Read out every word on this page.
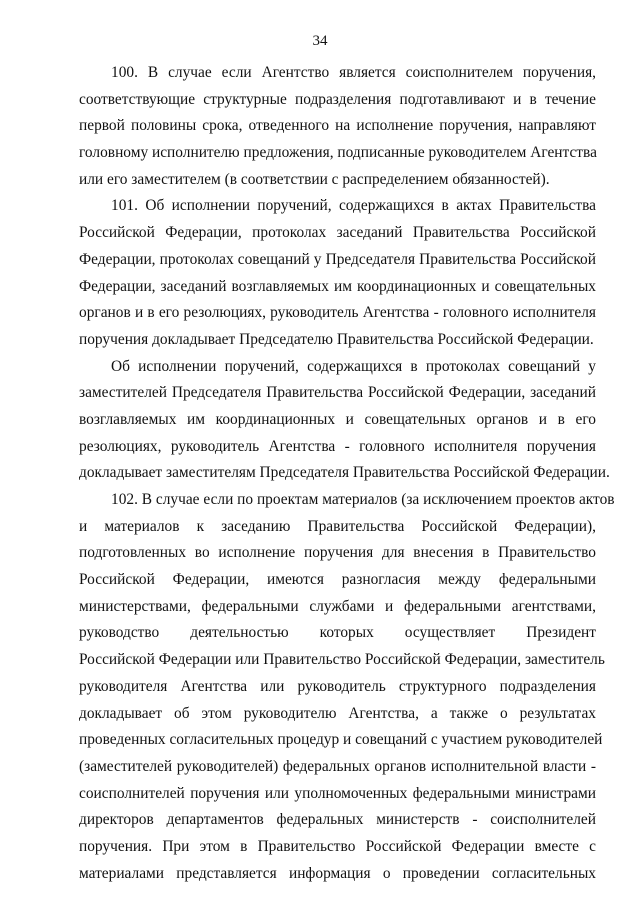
34
100. В случае если Агентство является соисполнителем поручения,
соответствующие структурные подразделения подготавливают и в течение
первой половины срока, отведенного на исполнение поручения, направляют
головному исполнителю предложения, подписанные руководителем Агентства
или его заместителем (в соответствии с распределением обязанностей).
101. Об исполнении поручений, содержащихся в актах Правительства
Российской Федерации, протоколах заседаний Правительства Российской
Федерации, протоколах совещаний у Председателя Правительства Российской
Федерации, заседаний возглавляемых им координационных и совещательных
органов и в его резолюциях, руководитель Агентства - головного исполнителя
поручения докладывает Председателю Правительства Российской Федерации.
Об исполнении поручений, содержащихся в протоколах совещаний у
заместителей Председателя Правительства Российской Федерации, заседаний
возглавляемых им координационных и совещательных органов и в его
резолюциях, руководитель Агентства - головного исполнителя поручения
докладывает заместителям Председателя Правительства Российской Федерации.
102. В случае если по проектам материалов (за исключением проектов актов
и материалов к заседанию Правительства Российской Федерации),
подготовленных во исполнение поручения для внесения в Правительство
Российской Федерации, имеются разногласия между федеральными
министерствами, федеральными службами и федеральными агентствами,
руководство деятельностью которых осуществляет Президент
Российской Федерации или Правительство Российской Федерации, заместитель
руководителя Агентства или руководитель структурного подразделения
докладывает об этом руководителю Агентства, а также о результатах
проведенных согласительных процедур и совещаний с участием руководителей
(заместителей руководителей) федеральных органов исполнительной власти -
соисполнителей поручения или уполномоченных федеральными министрами
директоров департаментов федеральных министерств - соисполнителей
поручения. При этом в Правительство Российской Федерации вместе с
материалами представляется информация о проведении согласительных
